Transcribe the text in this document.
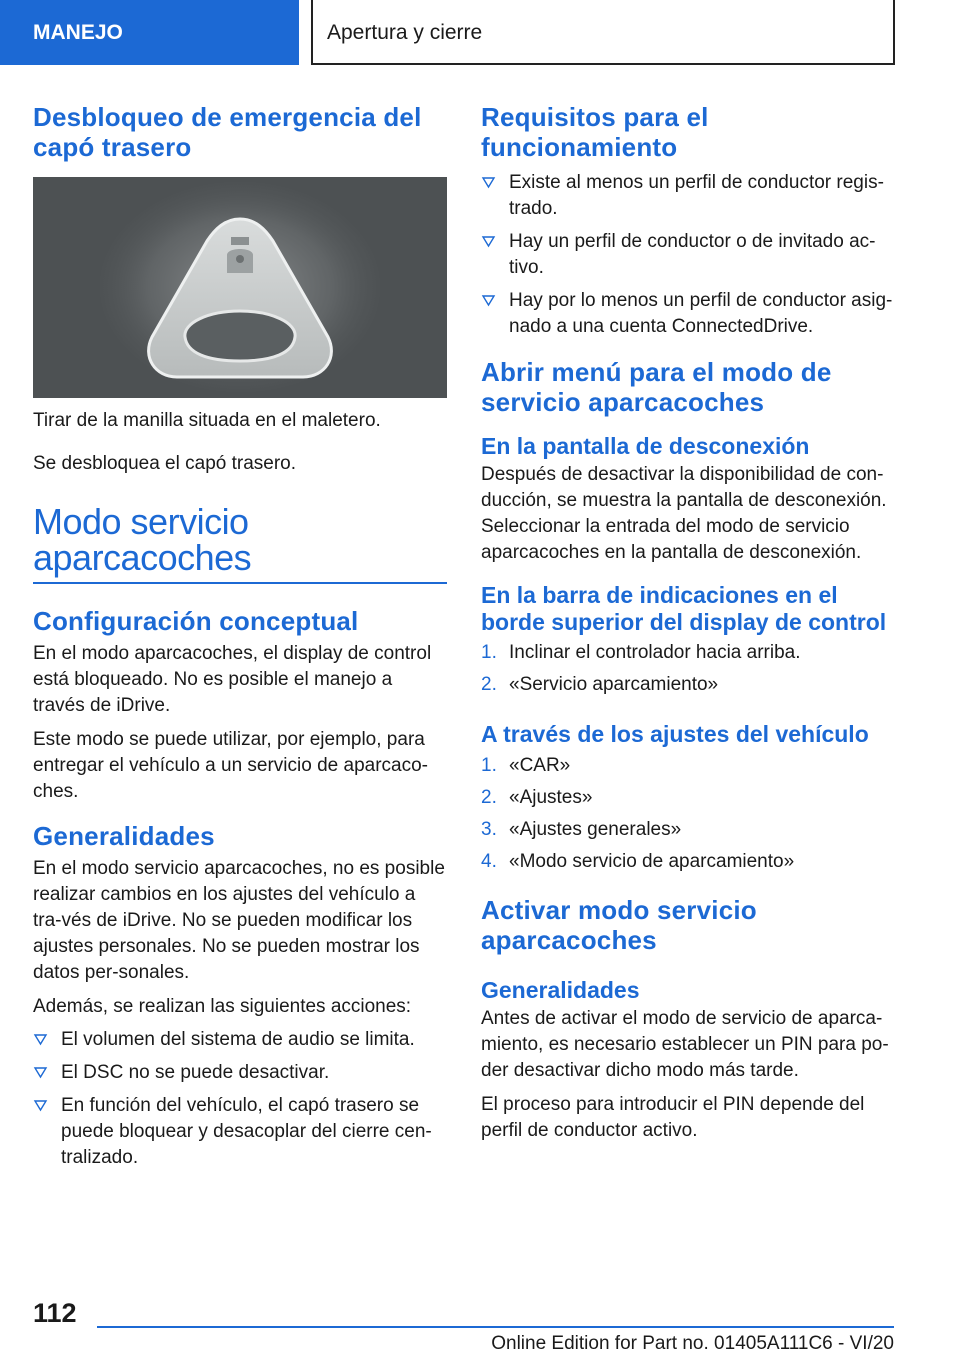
MANEJO	Apertura y cierre
Desbloqueo de emergencia del capó trasero

Tirar de la manilla situada en el maletero.

Se desbloquea el capó trasero.

Modo servicio aparcacoches
Configuración conceptual

En el modo aparcacoches, el display de control está bloqueado. No es posible el manejo a través de iDrive.

Este modo se puede utilizar, por ejemplo, para entregar el vehículo a un servicio de aparcaco-ches.

Generalidades

En el modo servicio aparcacoches, no es posible realizar cambios en los ajustes del vehículo a tra-vés de iDrive. No se pueden modificar los ajustes personales. No se pueden mostrar los datos per-sonales.

Además, se realizan las siguientes acciones:

El volumen del sistema de audio se limita.
El DSC no se puede desactivar.
En función del vehículo, el capó trasero se puede bloquear y desacoplar del cierre cen-tralizado.
Requisitos para el funcionamiento
Existe al menos un perfil de conductor regis-trado.
Hay un perfil de conductor o de invitado ac-tivo.
Hay por lo menos un perfil de conductor asig-nado a una cuenta ConnectedDrive.
Abrir menú para el modo de servicio aparcacoches
En la pantalla de desconexión

Después de desactivar la disponibilidad de con-ducción, se muestra la pantalla de desconexión. Seleccionar la entrada del modo de servicio aparcacoches en la pantalla de desconexión.

En la barra de indicaciones en el borde superior del display de control
1. Inclinar el controlador hacia arriba.
2. «Servicio aparcamiento»
A través de los ajustes del vehículo
1. «CAR»
2. «Ajustes»
3. «Ajustes generales»
4. «Modo servicio de aparcamiento»
Activar modo servicio aparcacoches
Generalidades

Antes de activar el modo de servicio de aparca-miento, es necesario establecer un PIN para po-der desactivar dicho modo más tarde.

El proceso para introducir el PIN depende del perfil de conductor activo.

112
Online Edition for Part no. 01405A111C6 - VI/20
